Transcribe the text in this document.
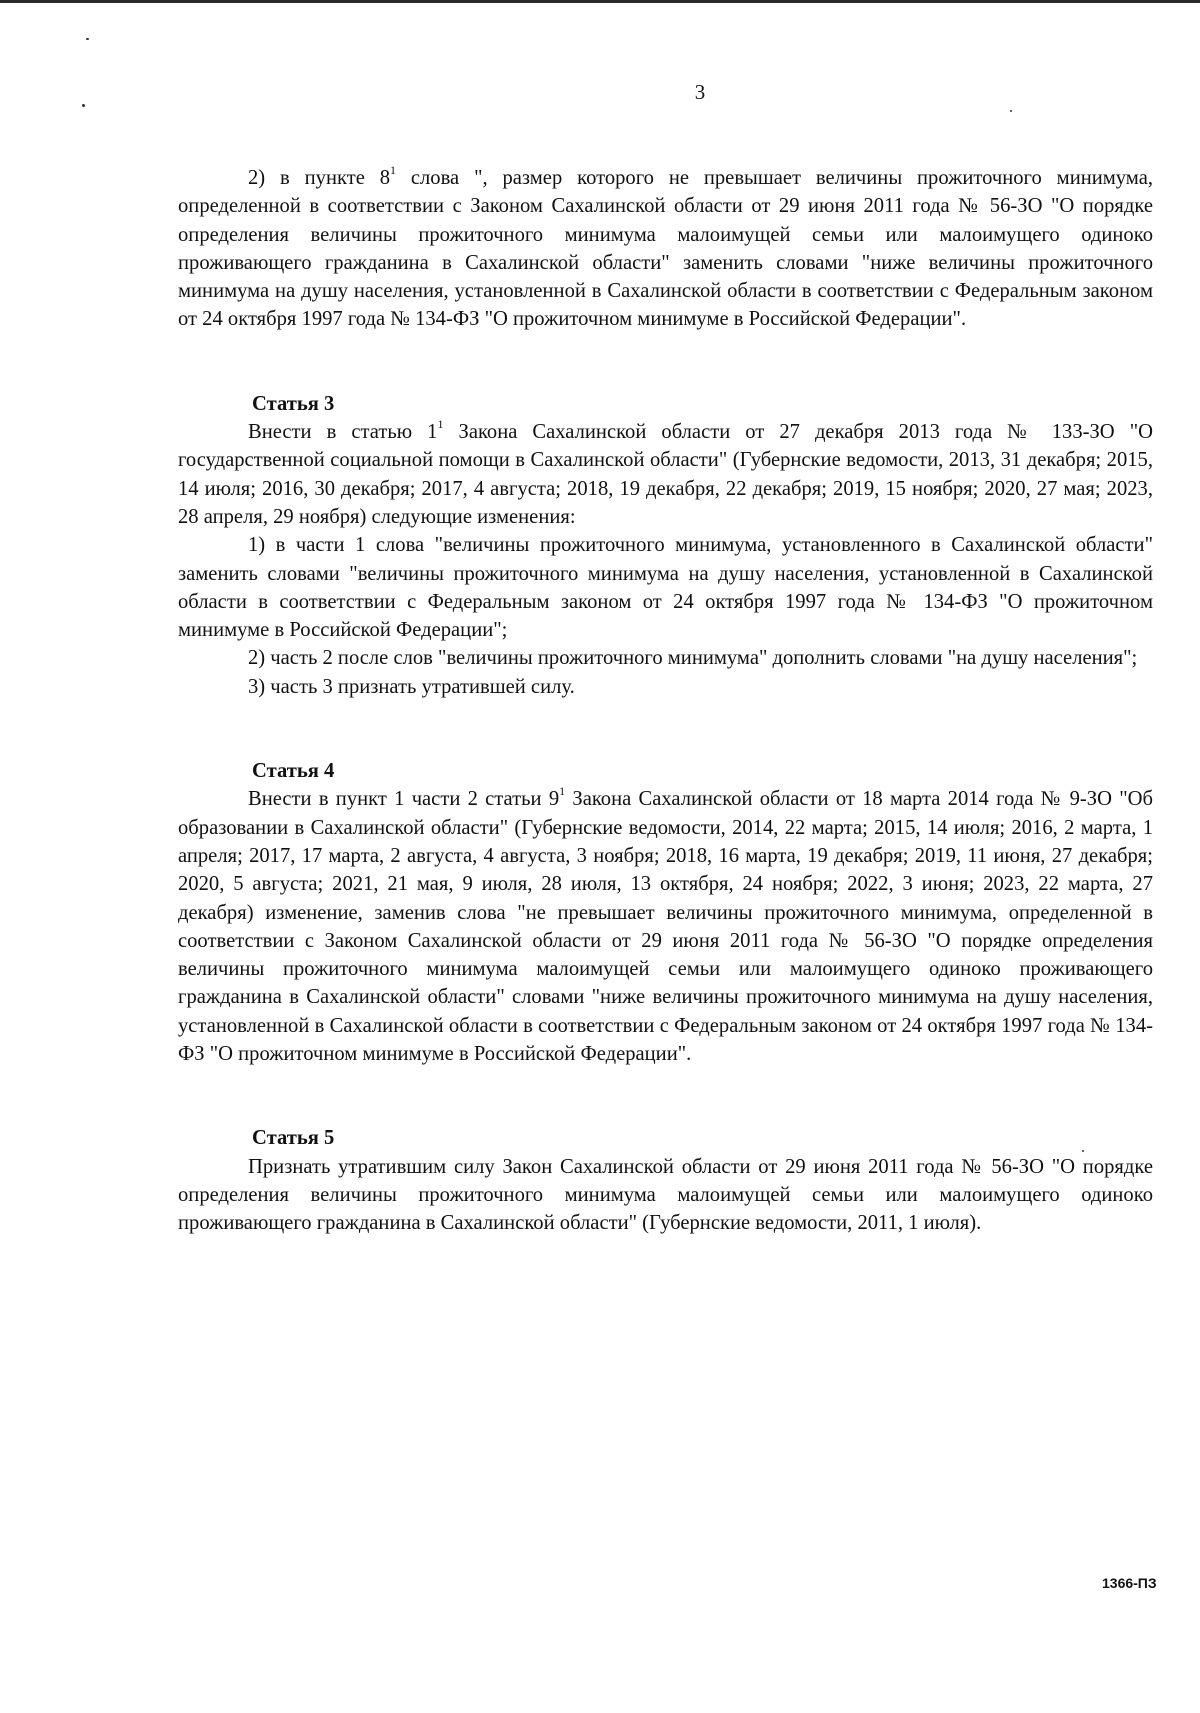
3

2) в пункте $8^1$ слова ", размер которого не превышает величины прожиточного минимума, определенной в соответствии с Законом Сахалинской области от 29 июня 2011 года № 56-ЗО "О порядке определения величины прожиточного минимума малоимущей семьи или малоимущего одиноко проживающего гражданина в Сахалинской области" заменить словами "ниже величины прожиточного минимума на душу населения, установленной в Сахалинской области в соответствии с Федеральным законом от 24 октября 1997 года № 134-ФЗ "О прожиточном минимуме в Российской Федерации".

Статья 3

Внести в статью $1^1$ Закона Сахалинской области от 27 декабря 2013 года № 133-ЗО "О государственной социальной помощи в Сахалинской области" (Губернские ведомости, 2013, 31 декабря; 2015, 14 июля; 2016, 30 декабря; 2017, 4 августа; 2018, 19 декабря, 22 декабря; 2019, 15 ноября; 2020, 27 мая; 2023, 28 апреля, 29 ноября) следующие изменения:

1) в части 1 слова "величины прожиточного минимума, установленного в Сахалинской области" заменить словами "величины прожиточного минимума на душу населения, установленной в Сахалинской области в соответствии с Федеральным законом от 24 октября 1997 года № 134-ФЗ "О прожиточном минимуме в Российской Федерации";

2) часть 2 после слов "величины прожиточного минимума" дополнить словами "на душу населения";

3) часть 3 признать утратившей силу.

Статья 4

Внести в пункт 1 части 2 статьи $9^1$ Закона Сахалинской области от 18 марта 2014 года № 9-ЗО "Об образовании в Сахалинской области" (Губернские ведомости, 2014, 22 марта; 2015, 14 июля; 2016, 2 марта, 1 апреля; 2017, 17 марта, 2 августа, 4 августа, 3 ноября; 2018, 16 марта, 19 декабря; 2019, 11 июня, 27 декабря; 2020, 5 августа; 2021, 21 мая, 9 июля, 28 июля, 13 октября, 24 ноября; 2022, 3 июня; 2023, 22 марта, 27 декабря) изменение, заменив слова "не превышает величины прожиточного минимума, определенной в соответствии с Законом Сахалинской области от 29 июня 2011 года № 56-ЗО "О порядке определения величины прожиточного минимума малоимущей семьи или малоимущего одиноко проживающего гражданина в Сахалинской области" словами "ниже величины прожиточного минимума на душу населения, установленной в Сахалинской области в соответствии с Федеральным законом от 24 октября 1997 года № 134-ФЗ "О прожиточном минимуме в Российской Федерации".

Статья 5

Признать утратившим силу Закон Сахалинской области от 29 июня 2011 года № 56-ЗО "О порядке определения величины прожиточного минимума малоимущей семьи или малоимущего одиноко проживающего гражданина в Сахалинской области" (Губернские ведомости, 2011, 1 июля).

1366-ПЗ
